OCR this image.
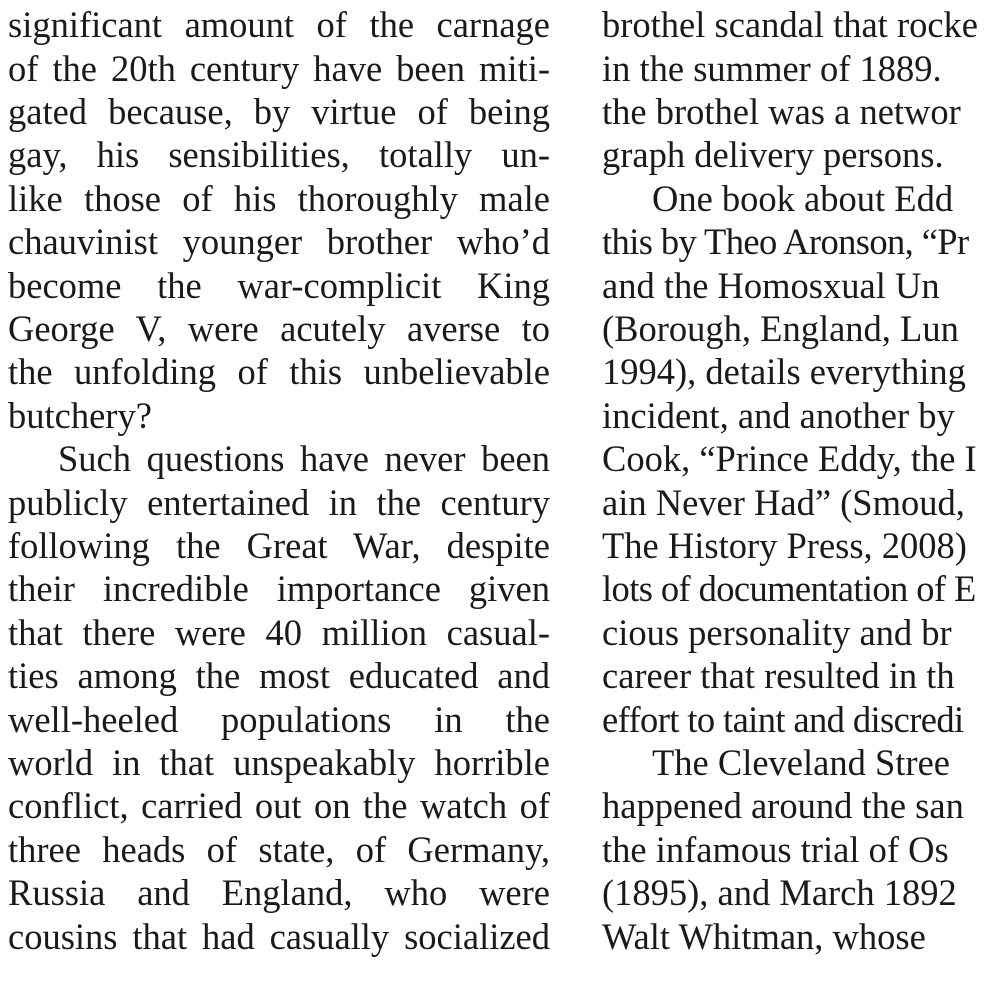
significant amount of the carnage
of the 20th century have been miti-
gated because, by virtue of being
gay, his sensibilities, totally un-
like those of his thoroughly male
chauvinist younger brother who’d
become the war-complicit King
George V, were acutely averse to
the unfolding of this unbelievable
butchery?
Such questions have never been
publicly entertained in the century
following the Great War, despite
their incredible importance given
that there were 40 million casual-
ties among the most educated and
well-heeled populations in the
world in that unspeakably horrible
conflict, carried out on the watch of
three heads of state, of Germany,
Russia and England, who were
cousins that had casually socialized
brothel scandal that rocke
in the summer of 1889.
the brothel was a networ
graph delivery persons.
One book about Edd
this by Theo Aronson, “Pr
and the Homosxual Un
(Borough, England, Lun
1994), details everything
incident, and another by
Cook, “Prince Eddy, the I
ain Never Had” (Smoud,
The History Press, 2008)
lots of documentation of E
cious personality and br
career that resulted in th
effort to taint and discredi
The Cleveland Stree
happened around the san
the infamous trial of Os
(1895), and March 1892
Walt Whitman, whose
